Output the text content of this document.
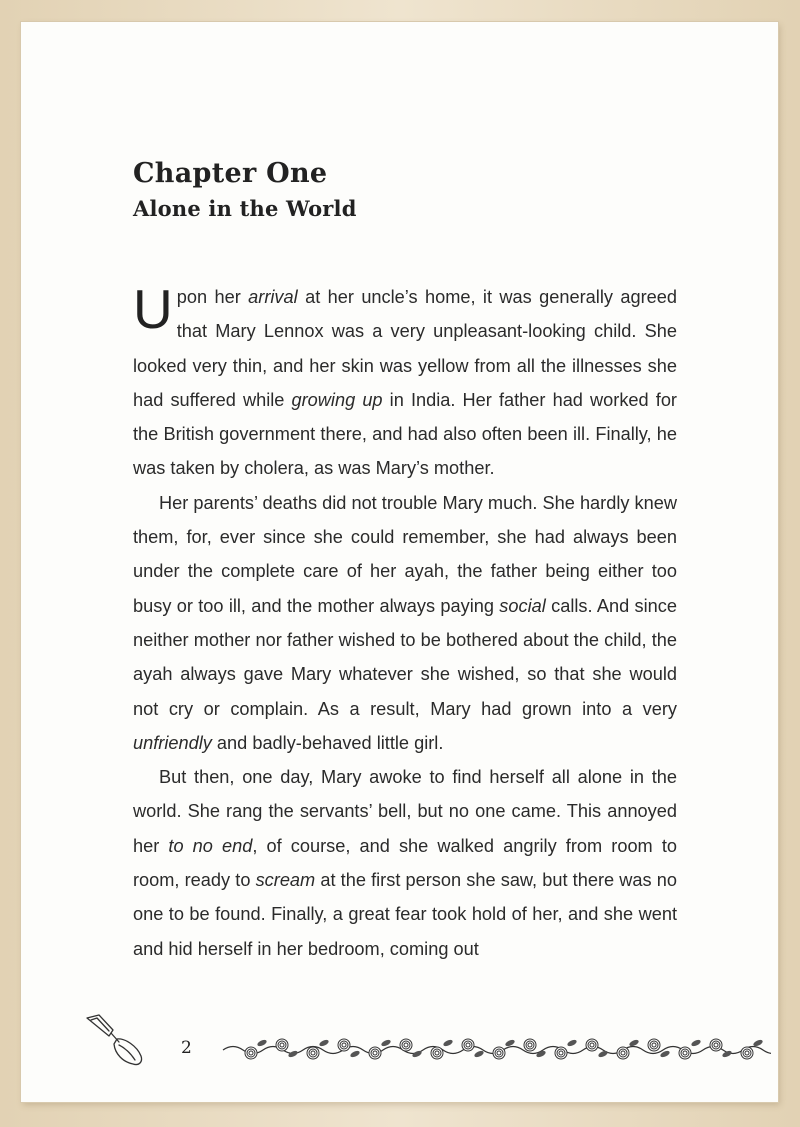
Chapter One
Alone in the World

Upon her arrival at her uncle’s home, it was generally agreed that Mary Lennox was a very unpleasant-looking child. She looked very thin, and her skin was yellow from all the illnesses she had suffered while growing up in India. Her father had worked for the British government there, and had also often been ill. Finally, he was taken by cholera, as was Mary’s mother.

Her parents’ deaths did not trouble Mary much. She hardly knew them, for, ever since she could remember, she had always been under the complete care of her ayah, the father being either too busy or too ill, and the mother always paying social calls. And since neither mother nor father wished to be bothered about the child, the ayah always gave Mary whatever she wished, so that she would not cry or complain. As a result, Mary had grown into a very unfriendly and badly-behaved little girl.

But then, one day, Mary awoke to find herself all alone in the world. She rang the servants’ bell, but no one came. This annoyed her to no end, of course, and she walked angrily from room to room, ready to scream at the first person she saw, but there was no one to be found. Finally, a great fear took hold of her, and she went and hid herself in her bedroom, coming out

2
